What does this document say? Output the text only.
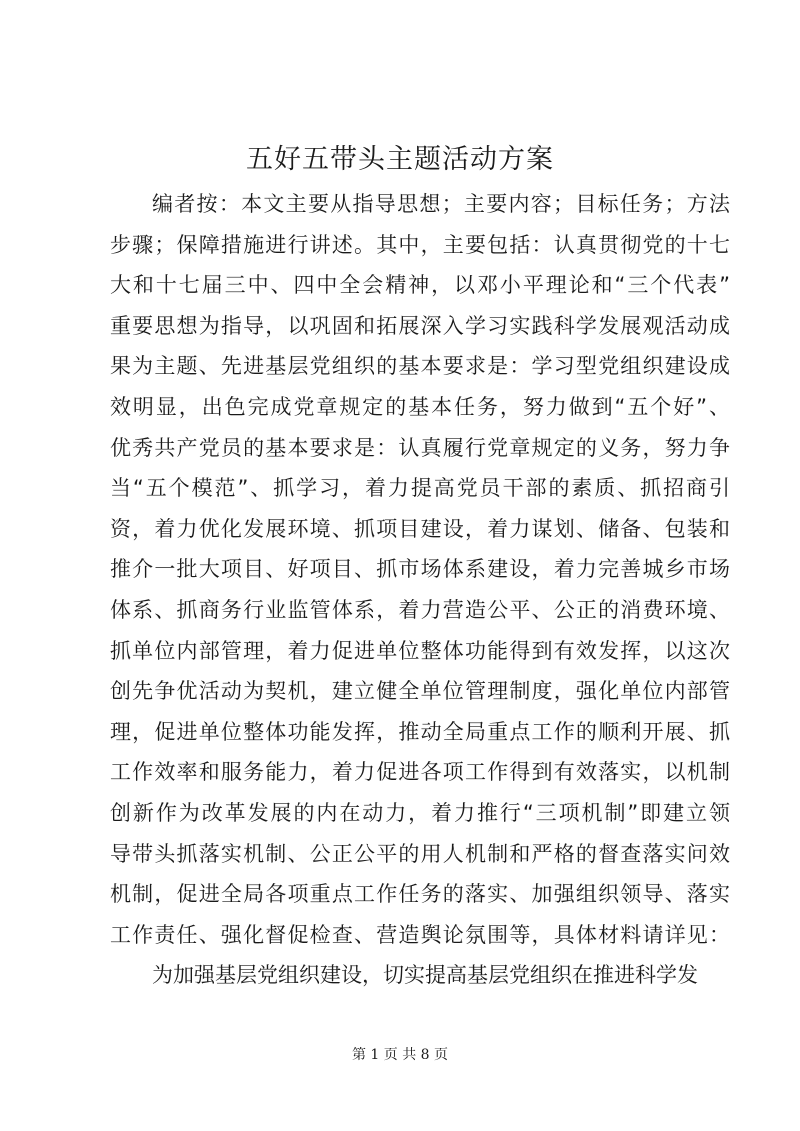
五好五带头主题活动方案
编者按：本文主要从指导思想；主要内容；目标任务；方法
步骤；保障措施进行讲述。其中，主要包括：认真贯彻党的十七
大和十七届三中、四中全会精神，以邓小平理论和“三个代表”
重要思想为指导，以巩固和拓展深入学习实践科学发展观活动成
果为主题、先进基层党组织的基本要求是：学习型党组织建设成
效明显，出色完成党章规定的基本任务，努力做到“五个好”、
优秀共产党员的基本要求是：认真履行党章规定的义务，努力争
当“五个模范”、抓学习，着力提高党员干部的素质、抓招商引
资，着力优化发展环境、抓项目建设，着力谋划、储备、包装和
推介一批大项目、好项目、抓市场体系建设，着力完善城乡市场
体系、抓商务行业监管体系，着力营造公平、公正的消费环境、
抓单位内部管理，着力促进单位整体功能得到有效发挥，以这次
创先争优活动为契机，建立健全单位管理制度，强化单位内部管
理，促进单位整体功能发挥，推动全局重点工作的顺利开展、抓
工作效率和服务能力，着力促进各项工作得到有效落实，以机制
创新作为改革发展的内在动力，着力推行“三项机制”即建立领
导带头抓落实机制、公正公平的用人机制和严格的督查落实问效
机制，促进全局各项重点工作任务的落实、加强组织领导、落实
工作责任、强化督促检查、营造舆论氛围等，具体材料请详见：
为加强基层党组织建设，切实提高基层党组织在推进科学发
第 1 页 共 8 页
